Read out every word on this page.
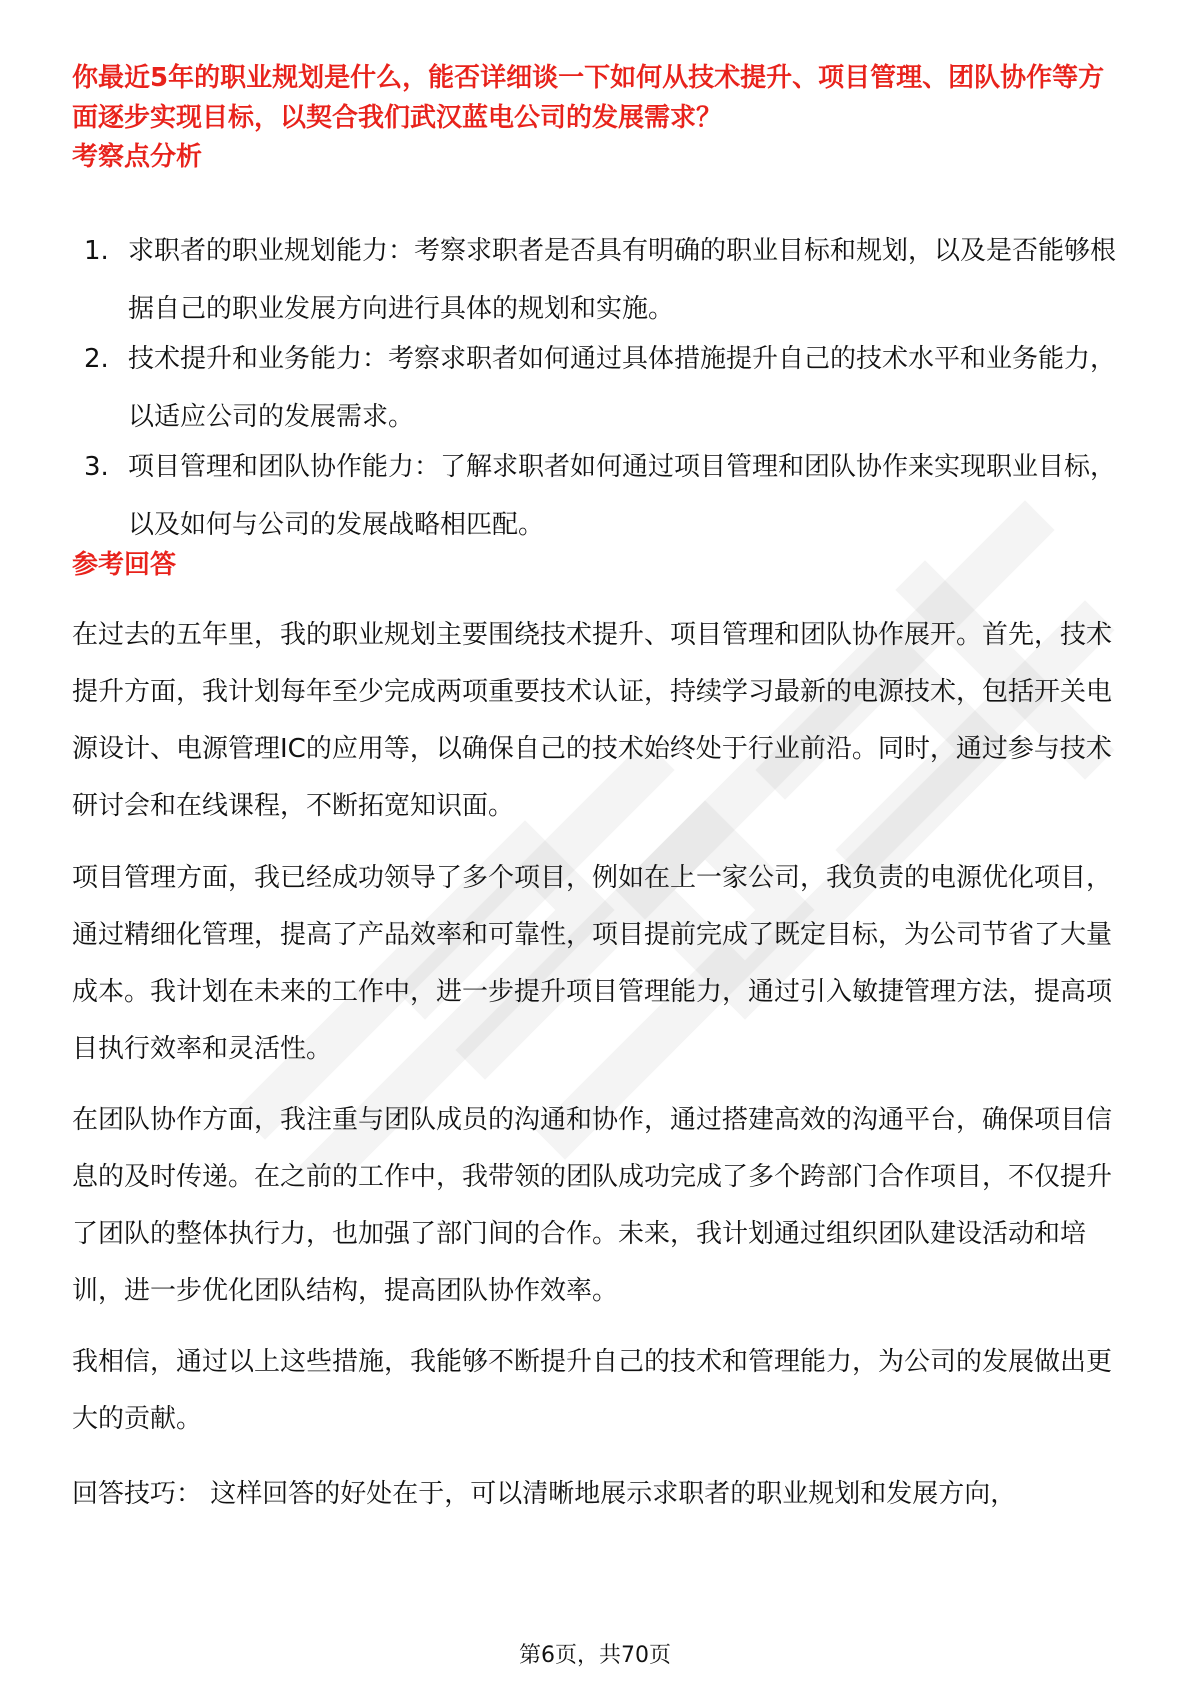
你最近5年的职业规划是什么，能否详细谈一下如何从技术提升、项目管理、团队协作等方面逐步实现目标，以契合我们武汉蓝电公司的发展需求？
考察点分析
1. 求职者的职业规划能力：考察求职者是否具有明确的职业目标和规划，以及是否能够根据自己的职业发展方向进行具体的规划和实施。
2. 技术提升和业务能力：考察求职者如何通过具体措施提升自己的技术水平和业务能力，以适应公司的发展需求。
3. 项目管理和团队协作能力：了解求职者如何通过项目管理和团队协作来实现职业目标，以及如何与公司的发展战略相匹配。
参考回答

在过去的五年里，我的职业规划主要围绕技术提升、项目管理和团队协作展开。首先，技术提升方面，我计划每年至少完成两项重要技术认证，持续学习最新的电源技术，包括开关电源设计、电源管理IC的应用等，以确保自己的技术始终处于行业前沿。同时，通过参与技术研讨会和在线课程，不断拓宽知识面。

项目管理方面，我已经成功领导了多个项目，例如在上一家公司，我负责的电源优化项目，通过精细化管理，提高了产品效率和可靠性，项目提前完成了既定目标，为公司节省了大量成本。我计划在未来的工作中，进一步提升项目管理能力，通过引入敏捷管理方法，提高项目执行效率和灵活性。

在团队协作方面，我注重与团队成员的沟通和协作，通过搭建高效的沟通平台，确保项目信息的及时传递。在之前的工作中，我带领的团队成功完成了多个跨部门合作项目，不仅提升了团队的整体执行力，也加强了部门间的合作。未来，我计划通过组织团队建设活动和培训，进一步优化团队结构，提高团队协作效率。

我相信，通过以上这些措施，我能够不断提升自己的技术和管理能力，为公司的发展做出更大的贡献。

回答技巧： 这样回答的好处在于，可以清晰地展示求职者的职业规划和发展方向，

第6页，共70页
